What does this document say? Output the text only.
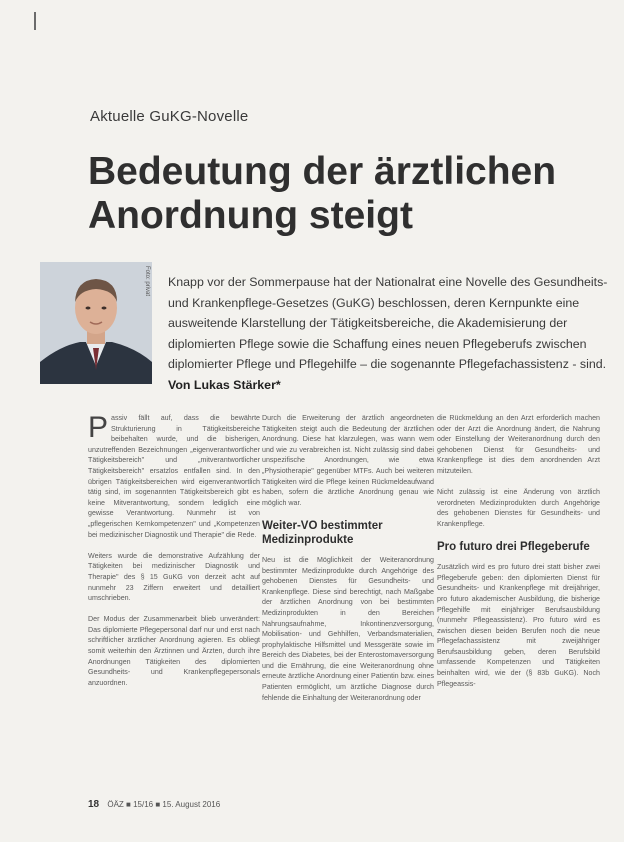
Aktuelle GuKG-Novelle
Bedeutung der ärztlichen Anordnung steigt
Foto: privat Knapp vor der Sommerpause hat der Nationalrat eine Novelle des Gesundheits- und Krankenpflege-Gesetzes (GuKG) beschlossen, deren Kernpunkte eine ausweitende Klarstellung der Tätigkeitsbereiche, die Akademisierung der diplomierten Pflege sowie die Schaffung eines neuen Pflegeberufs zwischen diplomierter Pflege und Pflegehilfe – die sogenannte Pflegefachassistenz - sind. Von Lukas Stärker*

Passiv fällt auf, dass die bewährte Strukturierung in Tätigkeitsbereiche beibehalten wurde, und die bisherigen, unzutreffenden Bezeichnungen „eigenverantwortlicher Tätigkeitsbereich" und „mitverantwortlicher Tätigkeitsbereich" ersatzlos entfallen sind. In den übrigen Tätigkeitsbereichen wird eigenverantwortlich tätig sind, im sogenannten Tätigkeitsbereich gibt es keine Mitverantwortung, sondern lediglich eine gewisse Verantwortung. Nunmehr ist von „pflegerischen Kernkompetenzen" und „Kompetenzen bei medizinischer Diagnostik und Therapie" die Rede.

Weiters wurde die demonstrative Aufzählung der Tätigkeiten bei medizinischer Diagnostik und Therapie" des § 15 GuKG von derzeit acht auf nunmehr 23 Ziffern erweitert und detailliert umschrieben.

Der Modus der Zusammenarbeit blieb unverändert: Das diplomierte Pflegepersonal darf nur und erst nach schriftlicher ärztlicher Anordnung agieren. Es obliegt somit weiterhin den Ärztinnen und Ärzten, durch ihre Anordnungen Tätigkeiten des diplomierten Gesundheits- und Krankenpflegepersonals anzuordnen.

Durch die Erweiterung der ärztlich angeordneten Tätigkeiten steigt auch die Bedeutung der ärztlichen Anordnung. Diese hat klarzulegen, was wann wem und wie zu verabreichen ist. Nicht zulässig sind dabei unspezifische Anordnungen, wie etwa „Physiotherapie" gegenüber MTFs. Auch bei weiteren Tätigkeiten wird die Pflege keinen Rückmeldeaufwand haben, sofern die ärztliche Anordnung genau wie möglich war.

Weiter-VO bestimmter Medizinprodukte

Neu ist die Möglichkeit der Weiteranordnung bestimmter Medizinprodukte durch Angehörige des gehobenen Dienstes für Gesundheits- und Krankenpflege. Diese sind berechtigt, nach Maßgabe der ärztlichen Anordnung von bei bestimmten Medizinprodukten in den Bereichen Nahrungsaufnahme, Inkontinenzversorgung, Mobilisation- und Gehhilfen, Verbandsmaterialien, prophylaktische Hilfsmittel und Messgeräte sowie im Bereich des Diabetes, bei der Enterostomaversorgung und die Ernährung, die eine Weiteranordnung ohne erneute ärztliche Anordnung einer Patientin bzw. eines Patienten ermöglicht, um ärztliche Diagnose durch fehlende die Einhaltung der Weiteranordnung oder

die Rückmeldung an den Arzt erforderlich machen oder der Arzt die Anordnung ändert, die Nahrung oder Einstellung der Weiteranordnung durch den gehobenen Dienst für Gesundheits- und Krankenpflege ist dies dem anordnenden Arzt mitzuteilen.

Nicht zulässig ist eine Änderung von ärztlich verordneten Medizinprodukten durch Angehörige des gehobenen Dienstes für Gesundheits- und Krankenpflege.

Pro futuro drei Pflegeberufe

Zusätzlich wird es pro futuro drei statt bisher zwei Pflegeberufe geben: den diplomierten Dienst für Gesundheits- und Krankenpflege mit dreijähriger, pro futuro akademischer Ausbildung, die bisherige Pflegehilfe mit einjähriger Berufsausbildung (nunmehr Pflegeassistenz). Pro futuro wird es zwischen diesen beiden Berufen noch die neue Pflegefachassistenz mit zweijähriger Berufsausbildung geben, deren Berufsbild umfassende Kompetenzen und Tätigkeiten beinhalten wird, wie der (§ 83b GuKG). Noch Pflegeassis-

18 ÖÄZ ■ 15/16 ■ 15. August 2016
